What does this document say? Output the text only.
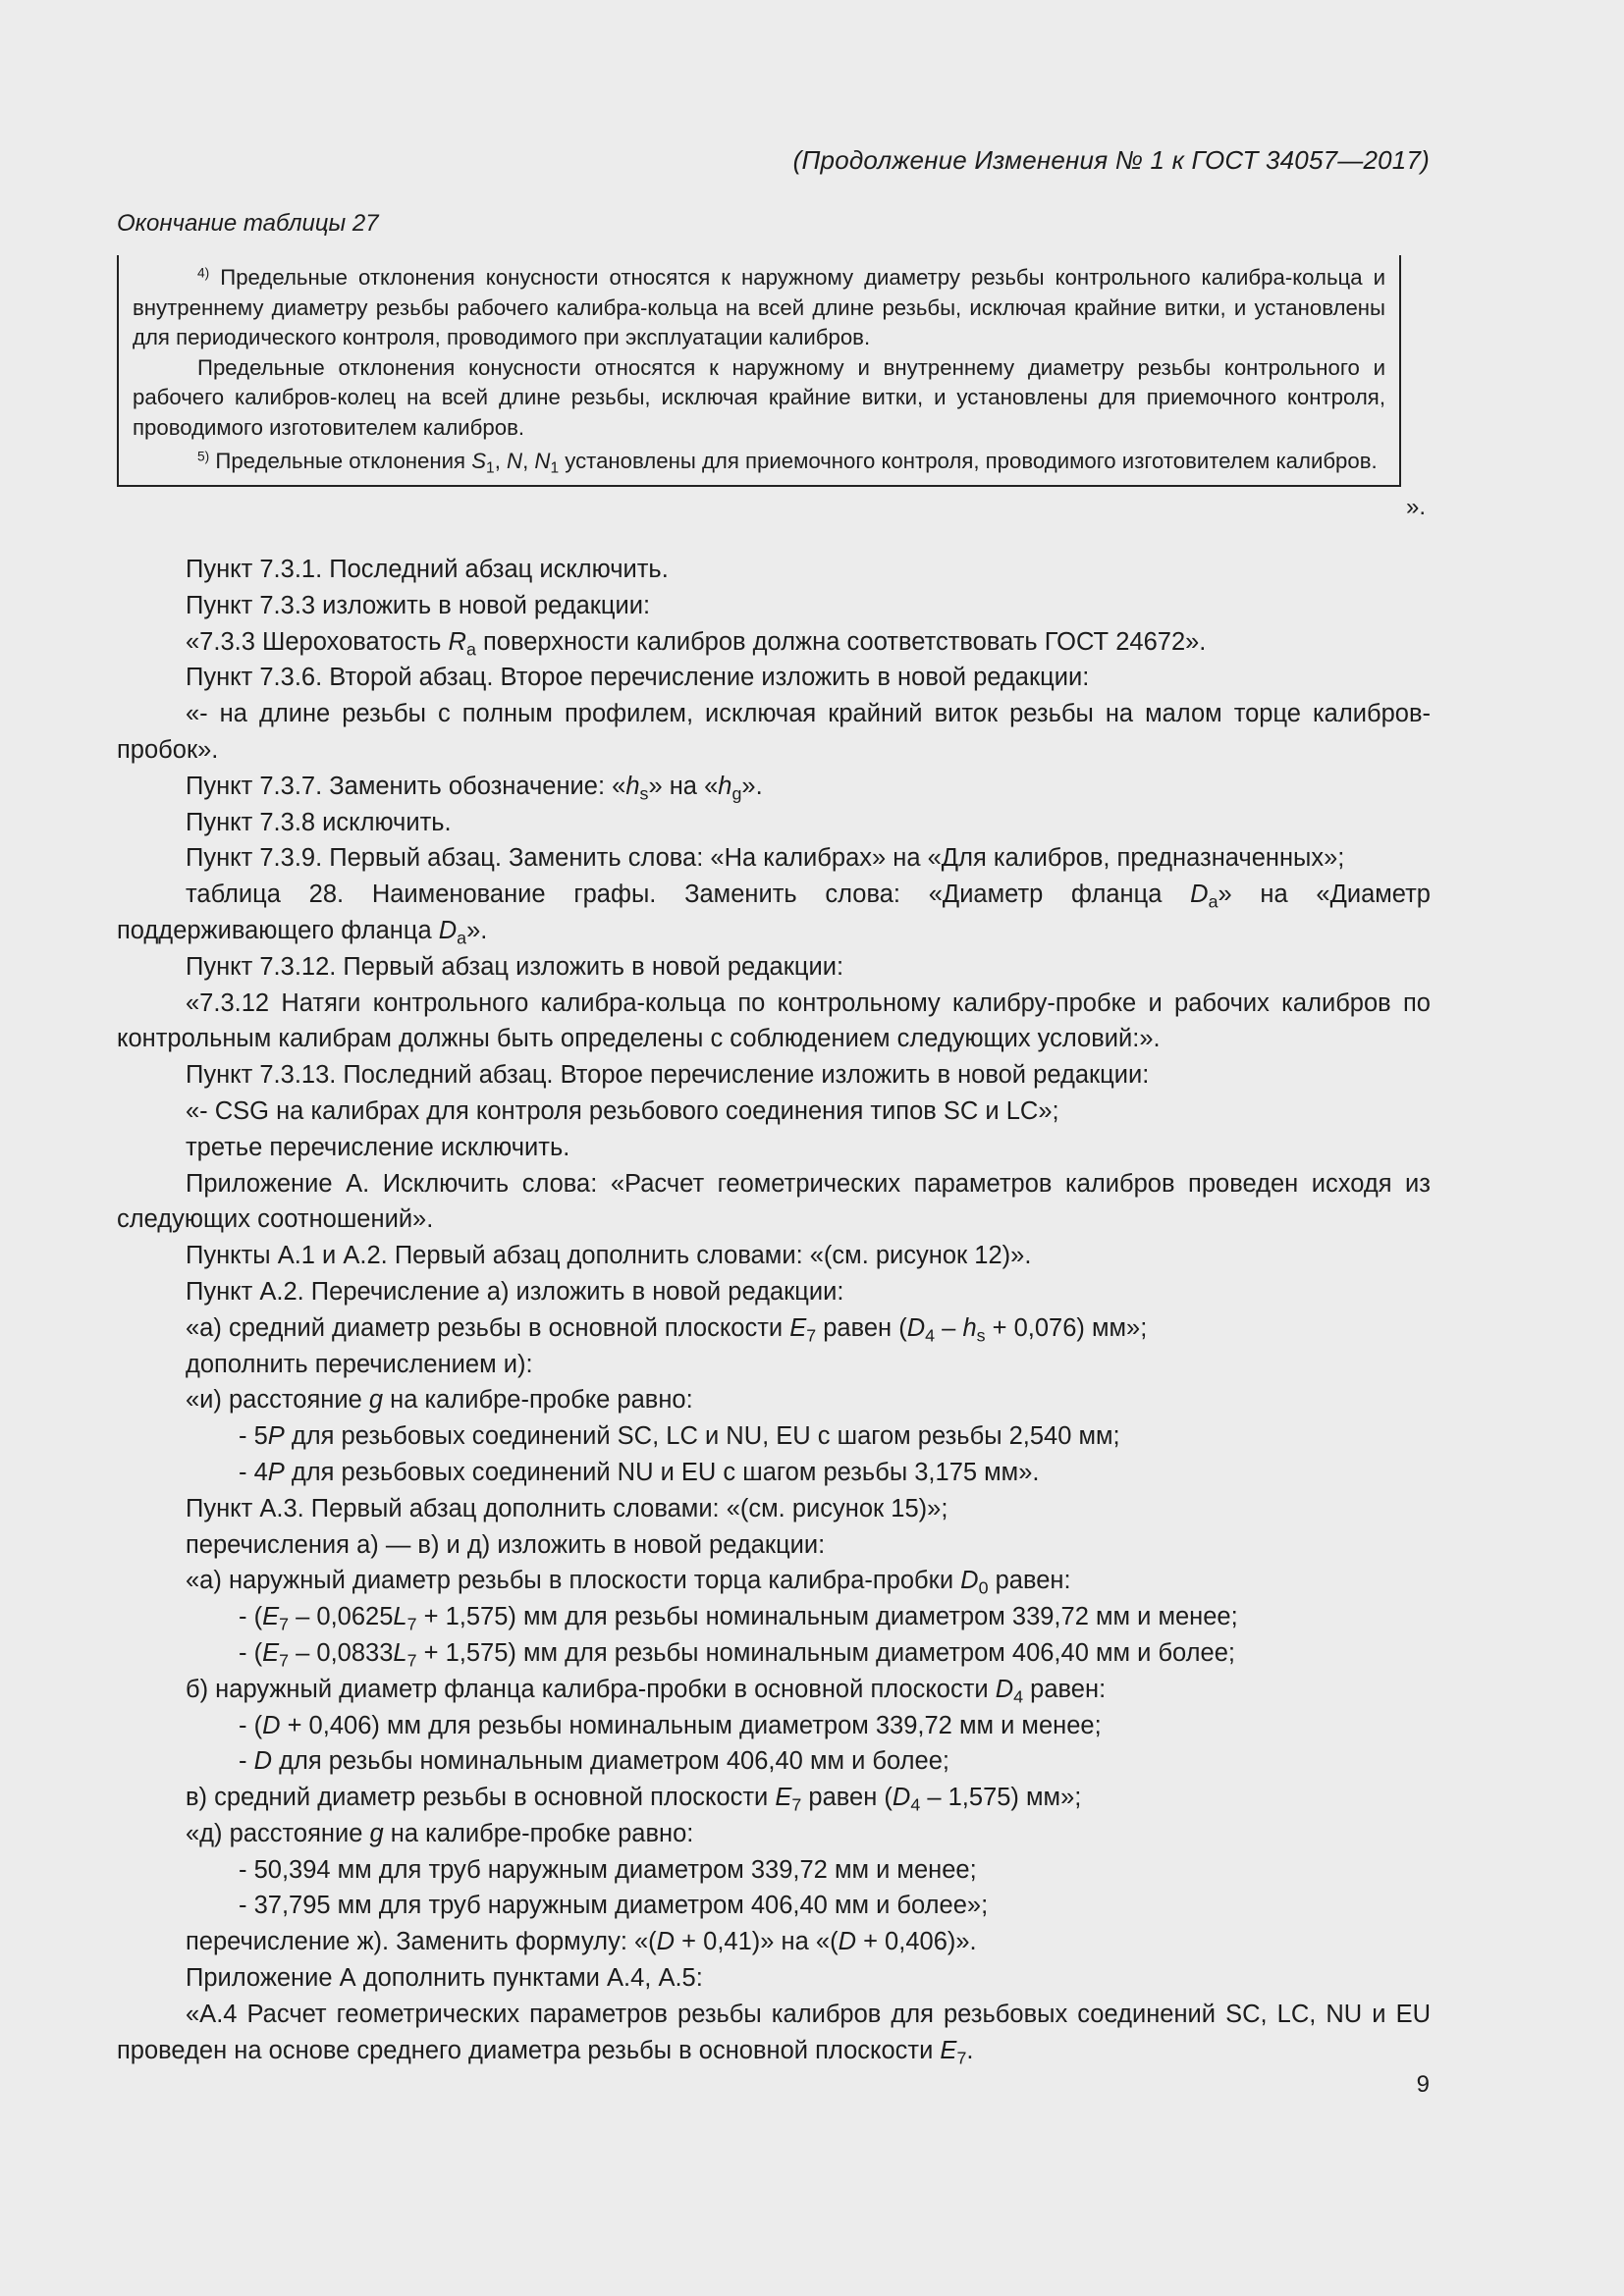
(Продолжение Изменения № 1 к ГОСТ 34057—2017)
Окончание таблицы 27

$^{4)}$ Предельные отклонения конусности относятся к наружному диаметру резьбы контрольного калибра-кольца и внутреннему диаметру резьбы рабочего калибра-кольца на всей длине резьбы, исключая крайние витки, и установлены для периодического контроля, проводимого при эксплуатации калибров.

Предельные отклонения конусности относятся к наружному и внутреннему диаметру резьбы контрольного и рабочего калибров-колец на всей длине резьбы, исключая крайние витки, и установлены для приемочного контроля, проводимого изготовителем калибров.

$^{5)}$ Предельные отклонения $S_1$, N, $N_1$ установлены для приемочного контроля, проводимого изготовителем калибров.

».

Пункт 7.3.1. Последний абзац исключить.

Пункт 7.3.3 изложить в новой редакции:

«7.3.3 Шероховатость $R_a$ поверхности калибров должна соответствовать ГОСТ 24672».

Пункт 7.3.6. Второй абзац. Второе перечисление изложить в новой редакции:

«- на длине резьбы с полным профилем, исключая крайний виток резьбы на малом торце калибров-пробок».

Пункт 7.3.7. Заменить обозначение: «$h_s$» на «$h_g$».

Пункт 7.3.8 исключить.

Пункт 7.3.9. Первый абзац. Заменить слова: «На калибрах» на «Для калибров, предназначенных»;

таблица 28. Наименование графы. Заменить слова: «Диаметр фланца $D_a$» на «Диаметр поддерживающего фланца $D_a$».

Пункт 7.3.12. Первый абзац изложить в новой редакции:

«7.3.12 Натяги контрольного калибра-кольца по контрольному калибру-пробке и рабочих калибров по контрольным калибрам должны быть определены с соблюдением следующих условий:».

Пункт 7.3.13. Последний абзац. Второе перечисление изложить в новой редакции:

«- CSG на калибрах для контроля резьбового соединения типов SC и LC»;

третье перечисление исключить.

Приложение А. Исключить слова: «Расчет геометрических параметров калибров проведен исходя из следующих соотношений».

Пункты А.1 и А.2. Первый абзац дополнить словами: «(см. рисунок 12)».

Пункт А.2. Перечисление а) изложить в новой редакции:

«а) средний диаметр резьбы в основной плоскости $E_7$ равен $(D_4 - h_s + 0,076)$ мм»;

дополнить перечислением и):

«и) расстояние g на калибре-пробке равно:

- 5P для резьбовых соединений SC, LC и NU, EU с шагом резьбы 2,540 мм;

- 4P для резьбовых соединений NU и EU с шагом резьбы 3,175 мм».

Пункт А.3. Первый абзац дополнить словами: «(см. рисунок 15)»;

перечисления а) — в) и д) изложить в новой редакции:

«а) наружный диаметр резьбы в плоскости торца калибра-пробки $D_0$ равен:

- $(E_7 - 0,0625L_7 + 1,575)$ мм для резьбы номинальным диаметром 339,72 мм и менее;

- $(E_7 - 0,0833L_7 + 1,575)$ мм для резьбы номинальным диаметром 406,40 мм и более;

б) наружный диаметр фланца калибра-пробки в основной плоскости $D_4$ равен:

- (D + 0,406) мм для резьбы номинальным диаметром 339,72 мм и менее;

- D для резьбы номинальным диаметром 406,40 мм и более;

в) средний диаметр резьбы в основной плоскости $E_7$ равен $(D_4 - 1,575)$ мм»;

«д) расстояние g на калибре-пробке равно:

- 50,394 мм для труб наружным диаметром 339,72 мм и менее;

- 37,795 мм для труб наружным диаметром 406,40 мм и более»;

перечисление ж). Заменить формулу: «(D + 0,41)» на «(D + 0,406)».

Приложение А дополнить пунктами А.4, А.5:

«А.4 Расчет геометрических параметров резьбы калибров для резьбовых соединений SC, LC, NU и EU проведен на основе среднего диаметра резьбы в основной плоскости $E_7$.

9
